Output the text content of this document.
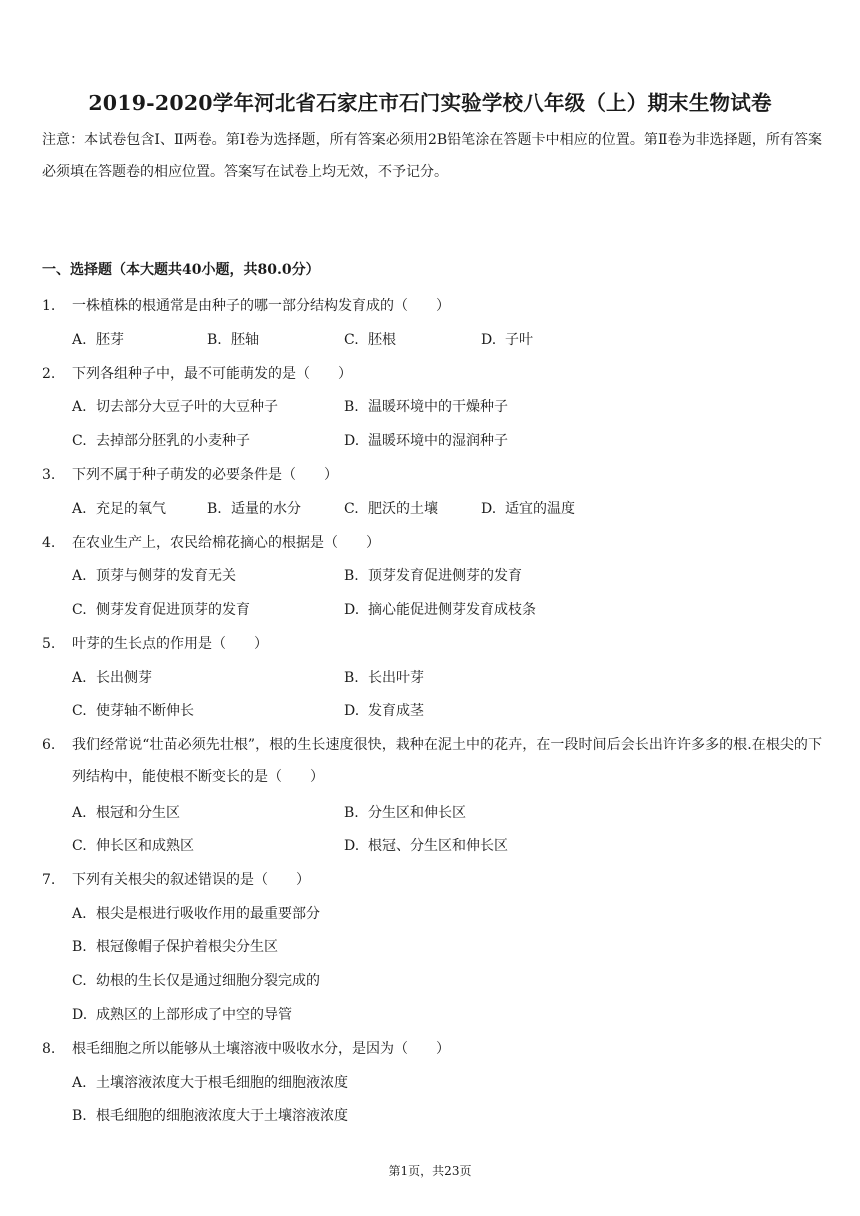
2019-2020学年河北省石家庄市石门实验学校八年级（上）期末生物试卷
注意：本试卷包含Ⅰ、Ⅱ两卷。第Ⅰ卷为选择题，所有答案必须用2B铅笔涂在答题卡中相应的位置。第Ⅱ卷为非选择题，所有答案必须填在答题卷的相应位置。答案写在试卷上均无效，不予记分。
一、选择题（本大题共40小题，共80.0分）
1. 一株植株的根通常是由种子的哪一部分结构发育成的（　　）
A. 胚芽	B. 胚轴	C. 胚根	D. 子叶
2. 下列各组种子中，最不可能萌发的是（　　）
A. 切去部分大豆子叶的大豆种子	B. 温暖环境中的干燥种子
C. 去掉部分胚乳的小麦种子	D. 温暖环境中的湿润种子
3. 下列不属于种子萌发的必要条件是（　　）
A. 充足的氧气	B. 适量的水分	C. 肥沃的土壤	D. 适宜的温度
4. 在农业生产上，农民给棉花摘心的根据是（　　）
A. 顶芽与侧芽的发育无关	B. 顶芽发育促进侧芽的发育
C. 侧芽发育促进顶芽的发育	D. 摘心能促进侧芽发育成枝条
5. 叶芽的生长点的作用是（　　）
A. 长出侧芽	B. 长出叶芽
C. 使芽轴不断伸长	D. 发育成茎
6. 我们经常说“壮苗必须先壮根”，根的生长速度很快，栽种在泥土中的花卉，在一段时间后会长出许许多多的根.在根尖的下列结构中，能使根不断变长的是（　　）
A. 根冠和分生区	B. 分生区和伸长区
C. 伸长区和成熟区	D. 根冠、分生区和伸长区
7. 下列有关根尖的叙述错误的是（　　）
A. 根尖是根进行吸收作用的最重要部分
B. 根冠像帽子保护着根尖分生区
C. 幼根的生长仅是通过细胞分裂完成的
D. 成熟区的上部形成了中空的导管
8. 根毛细胞之所以能够从土壤溶液中吸收水分，是因为（　　）
A. 土壤溶液浓度大于根毛细胞的细胞液浓度
B. 根毛细胞的细胞液浓度大于土壤溶液浓度
第1页，共23页
